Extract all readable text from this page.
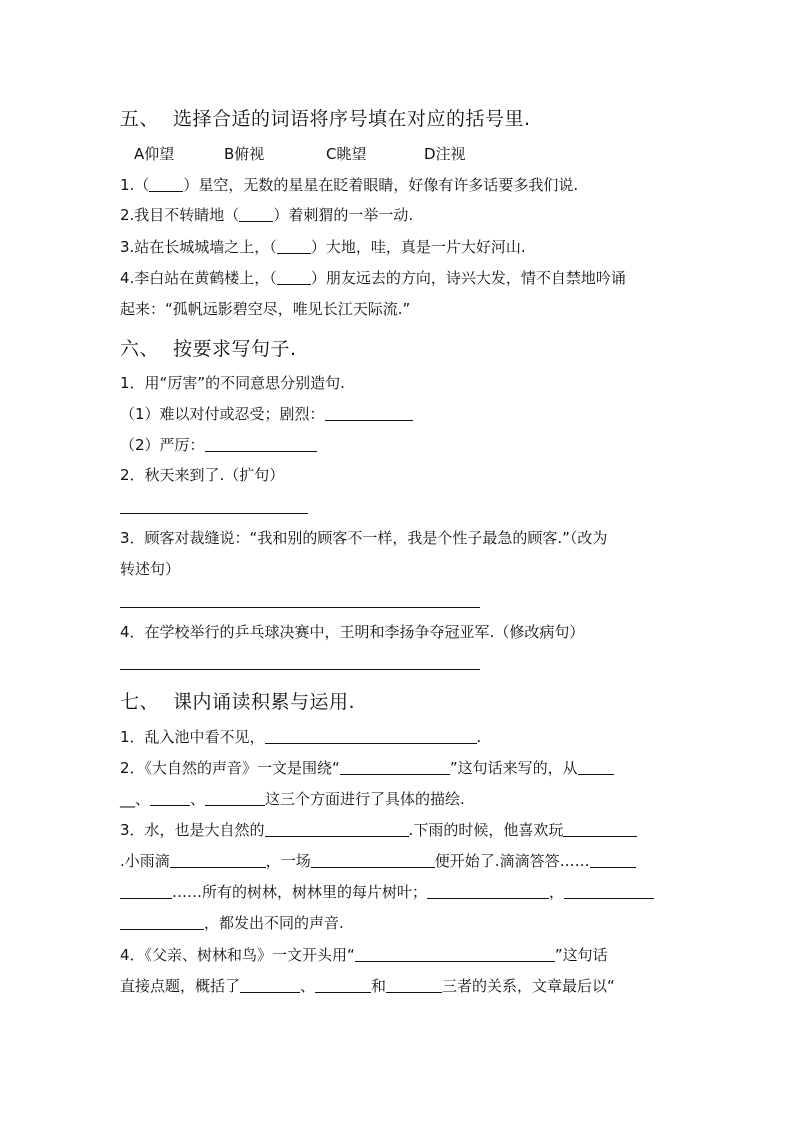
五、 选择合适的词语将序号填在对应的括号里.
A仰望	B俯视	C眺望	D注视
1.（ ）星空，无数的星星在眨着眼睛，好像有许多话要多我们说.
2.我目不转睛地（ ）着刺猬的一举一动.
3.站在长城城墙之上，（ ）大地，哇，真是一片大好河山.
4.李白站在黄鹤楼上，（ ）朋友远去的方向，诗兴大发，情不自禁地吟诵
起来：“孤帆远影碧空尽，唯见长江天际流.”
六、 按要求写句子.
1．用“厉害”的不同意思分别造句.
（1）难以对付或忍受；剧烈：
（2）严厉：
2．秋天来到了.（扩句）
3．顾客对裁缝说：“我和别的顾客不一样，我是个性子最急的顾客.”（改为
转述句）
4．在学校举行的乒乓球决赛中，王明和李扬争夺冠亚军.（修改病句）
七、 课内诵读积累与运用.
1．乱入池中看不见，	.
2．《大自然的声音》一文是围绕“	”这句话来写的，从
__、	、	这三个方面进行了具体的描绘.
3．水，也是大自然的	.下雨的时候，他喜欢玩
.小雨滴	，一场	便开始了.滴滴答答……
……所有的树林，树林里的每片树叶；	，
，都发出不同的声音.
4．《父亲、树林和鸟》一文开头用“	”这句话
直接点题，概括了	、	和	三者的关系，文章最后以“
